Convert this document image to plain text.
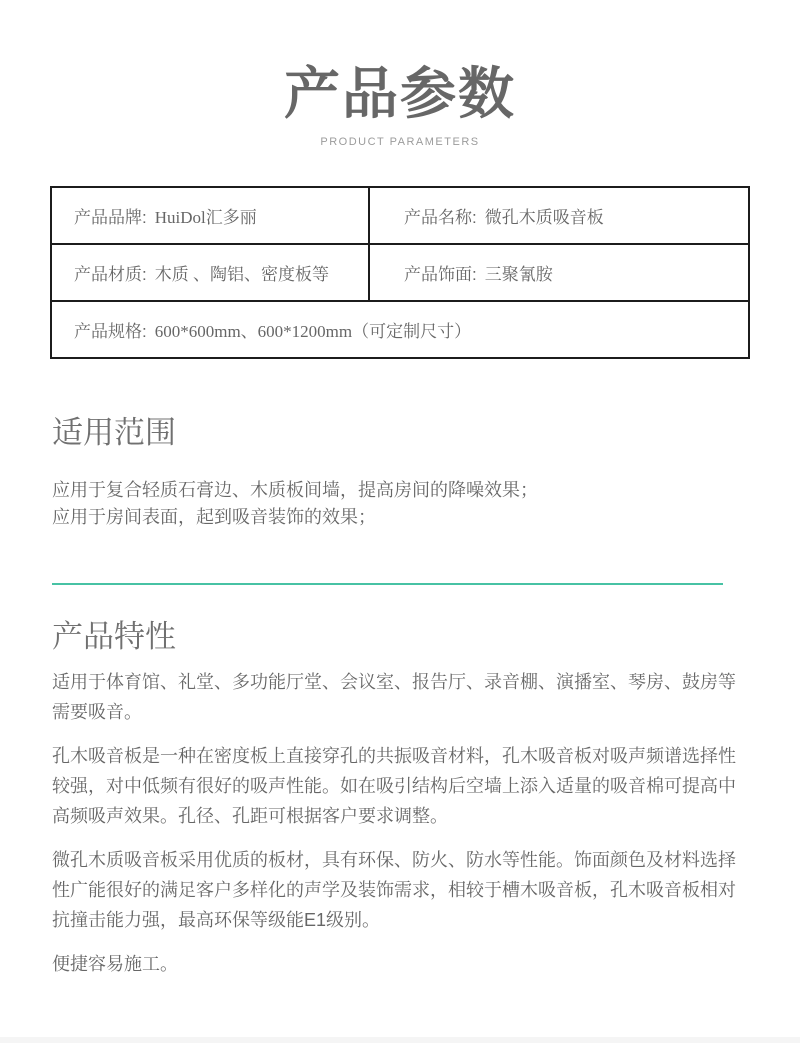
产品参数
PRODUCT PARAMETERS
产品品牌: HuiDol汇多丽	产品名称: 微孔木质吸音板
产品材质: 木质 、陶铝、密度板等	产品饰面: 三聚氰胺
产品规格: 600*600mm、600*1200mm（可定制尺寸）	
适用范围

应用于复合轻质石膏边、木质板间墙，提高房间的降噪效果；

应用于房间表面，起到吸音装饰的效果；

产品特性

适用于体育馆、礼堂、多功能厅堂、会议室、报告厅、录音棚、演播室、琴房、鼓房等需要吸音。

孔木吸音板是一种在密度板上直接穿孔的共振吸音材料，孔木吸音板对吸声频谱选择性较强，对中低频有很好的吸声性能。如在吸引结构后空墙上添入适量的吸音棉可提高中高频吸声效果。孔径、孔距可根据客户要求调整。

微孔木质吸音板采用优质的板材，具有环保、防火、防水等性能。饰面颜色及材料选择性广能很好的满足客户多样化的声学及装饰需求，相较于槽木吸音板，孔木吸音板相对抗撞击能力强，最高环保等级能E1级别。

便捷容易施工。
